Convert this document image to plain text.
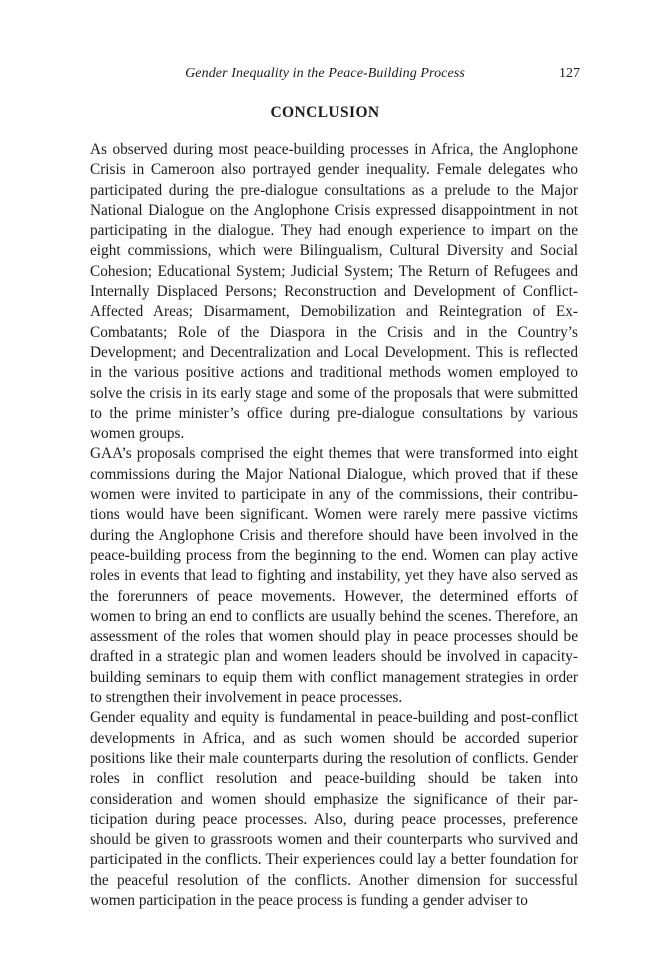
Gender Inequality in the Peace-Building Process	127
CONCLUSION

As observed during most peace-building processes in Africa, the Anglophone Crisis in Cameroon also portrayed gender inequality. Female delegates who participated during the pre-dialogue consultations as a prelude to the Major National Dialogue on the Anglophone Crisis expressed disappointment in not participating in the dialogue. They had enough experience to impart on the eight commissions, which were Bilingualism, Cultural Diversity and Social Cohesion; Educational System; Judicial System; The Return of Refugees and Internally Displaced Persons; Reconstruction and Development of Conflict-Affected Areas; Disarmament, Demobilization and Reintegration of Ex-Combatants; Role of the Diaspora in the Crisis and in the Country’s Development; and Decentralization and Local Development. This is reflected in the various positive actions and traditional methods women employed to solve the crisis in its early stage and some of the proposals that were submitted to the prime minister’s office during pre-dialogue consultations by various women groups.

GAA’s proposals comprised the eight themes that were transformed into eight commissions during the Major National Dialogue, which proved that if these women were invited to participate in any of the commissions, their contributions would have been significant. Women were rarely mere passive victims during the Anglophone Crisis and therefore should have been involved in the peace-building process from the beginning to the end. Women can play active roles in events that lead to fighting and instability, yet they have also served as the forerunners of peace movements. However, the determined efforts of women to bring an end to conflicts are usually behind the scenes. Therefore, an assessment of the roles that women should play in peace processes should be drafted in a strategic plan and women leaders should be involved in capacity-building seminars to equip them with conflict management strategies in order to strengthen their involvement in peace processes.

Gender equality and equity is fundamental in peace-building and post-conflict developments in Africa, and as such women should be accorded superior positions like their male counterparts during the resolution of conflicts. Gender roles in conflict resolution and peace-building should be taken into consideration and women should emphasize the significance of their participation during peace processes. Also, during peace processes, preference should be given to grassroots women and their counterparts who survived and participated in the conflicts. Their experiences could lay a better foundation for the peaceful resolution of the conflicts. Another dimension for successful women participation in the peace process is funding a gender adviser to
